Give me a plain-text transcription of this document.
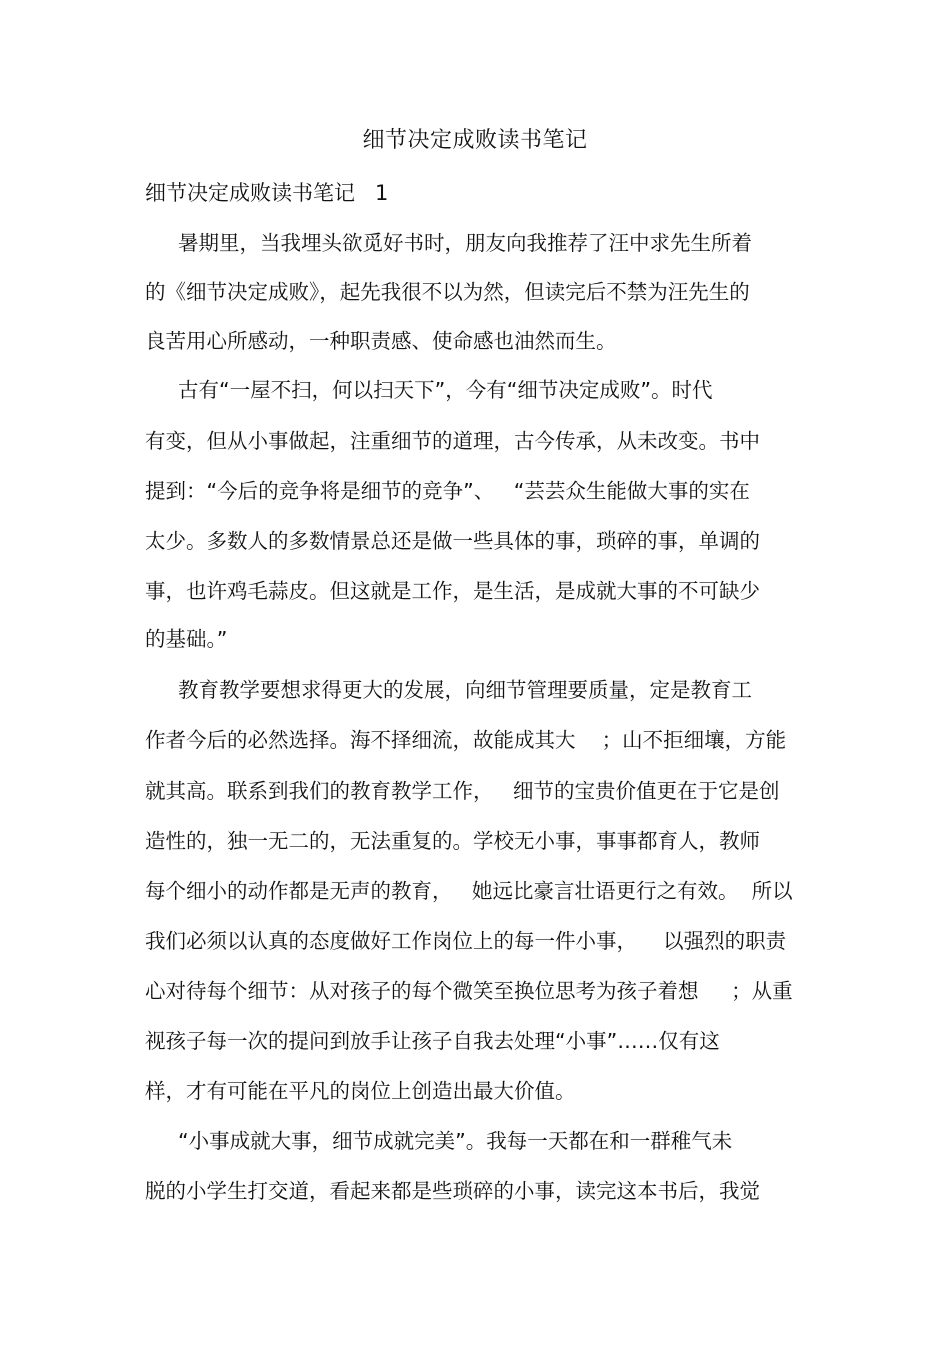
细节决定成败读书笔记
细节决定成败读书笔记 1
暑期里，当我埋头欲觅好书时，朋友向我推荐了汪中求先生所着
的《细节决定成败》，起先我很不以为然，但读完后不禁为汪先生的
良苦用心所感动，一种职责感、使命感也油然而生。
古有“一屋不扫，何以扫天下”，今有“细节决定成败”。时代
有变，但从小事做起，注重细节的道理，古今传承，从未改变。书中
提到：“今后的竞争将是细节的竞争”、   “芸芸众生能做大事的实在
太少。多数人的多数情景总还是做一些具体的事，琐碎的事，单调的
事，也许鸡毛蒜皮。但这就是工作，是生活，是成就大事的不可缺少
的基础。”
教育教学要想求得更大的发展，向细节管理要质量，定是教育工
作者今后的必然选择。海不择细流，故能成其大    ；山不拒细壤，方能
就其高。联系到我们的教育教学工作，   细节的宝贵价值更在于它是创
造性的，独一无二的，无法重复的。学校无小事，事事都育人，教师
每个细小的动作都是无声的教育，   她远比豪言壮语更行之有效。  所以
我们必须以认真的态度做好工作岗位上的每一件小事，    以强烈的职责
心对待每个细节：从对孩子的每个微笑至换位思考为孩子着想     ；从重
视孩子每一次的提问到放手让孩子自我去处理“小事”……仅有这
样，才有可能在平凡的岗位上创造出最大价值。
“小事成就大事，细节成就完美”。我每一天都在和一群稚气未
脱的小学生打交道，看起来都是些琐碎的小事，读完这本书后，我觉
